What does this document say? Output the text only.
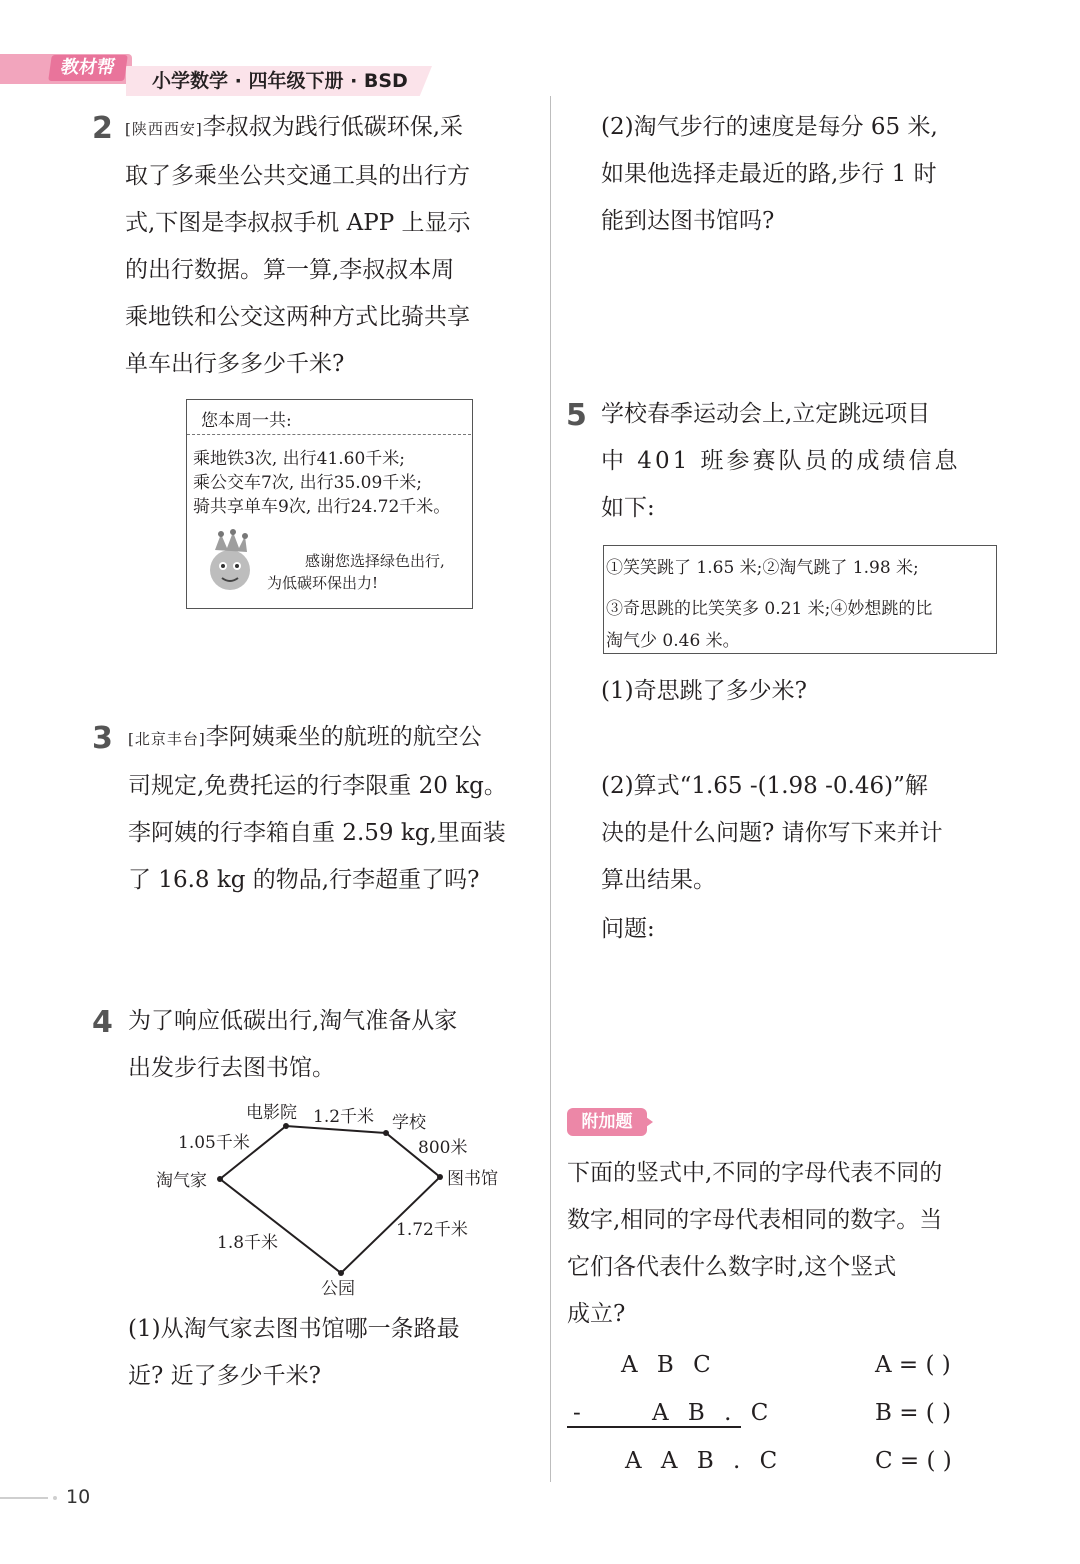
教材帮
小学数学 · 四年级下册 · BSD
2 [陕西西安]李叔叔为践行低碳环保,采

取了多乘坐公共交通工具的出行方

式,下图是李叔叔手机 APP 上显示

的出行数据。算一算,李叔叔本周

乘地铁和公交这两种方式比骑共享

单车出行多多少千米?

您本周一共:
乘地铁3次, 出行41.60千米;
乘公交车7次, 出行35.09千米;
骑共享单车9次, 出行24.72千米。
感谢您选择绿色出行,
为低碳环保出力!
3 [北京丰台]李阿姨乘坐的航班的航空公

司规定,免费托运的行李限重 20 kg。

李阿姨的行李箱自重 2.59 kg,里面装

了 16.8 kg 的物品,行李超重了吗?

4 为了响应低碳出行,淘气准备从家

出发步行去图书馆。

淘气家
电影院	学校
图书馆
公园
1.05千米
1.2千米
800米
1.8千米
1.72千米

(1)从淘气家去图书馆哪一条路最

近? 近了多少千米?

(2)淘气步行的速度是每分 65 米,

如果他选择走最近的路,步行 1 时

能到达图书馆吗?

5 学校春季运动会上,立定跳远项目

中 401 班参赛队员的成绩信息

如下:

①笑笑跳了 1.65 米;②淘气跳了 1.98 米;
③奇思跳的比笑笑多 0.21 米;④妙想跳的比
淘气少 0.46 米。

(1)奇思跳了多少米?

(2)算式“1.65 -(1.98 -0.46)”解

决的是什么问题? 请你写下来并计

算出结果。

问题:

附加题

下面的竖式中,不同的字母代表不同的

数字,相同的字母代表相同的数字。当

它们各代表什么数字时,这个竖式

成立?

A B C
-	A B . C
A A B . C
A = ( )
B = ( )
C = ( )
10
